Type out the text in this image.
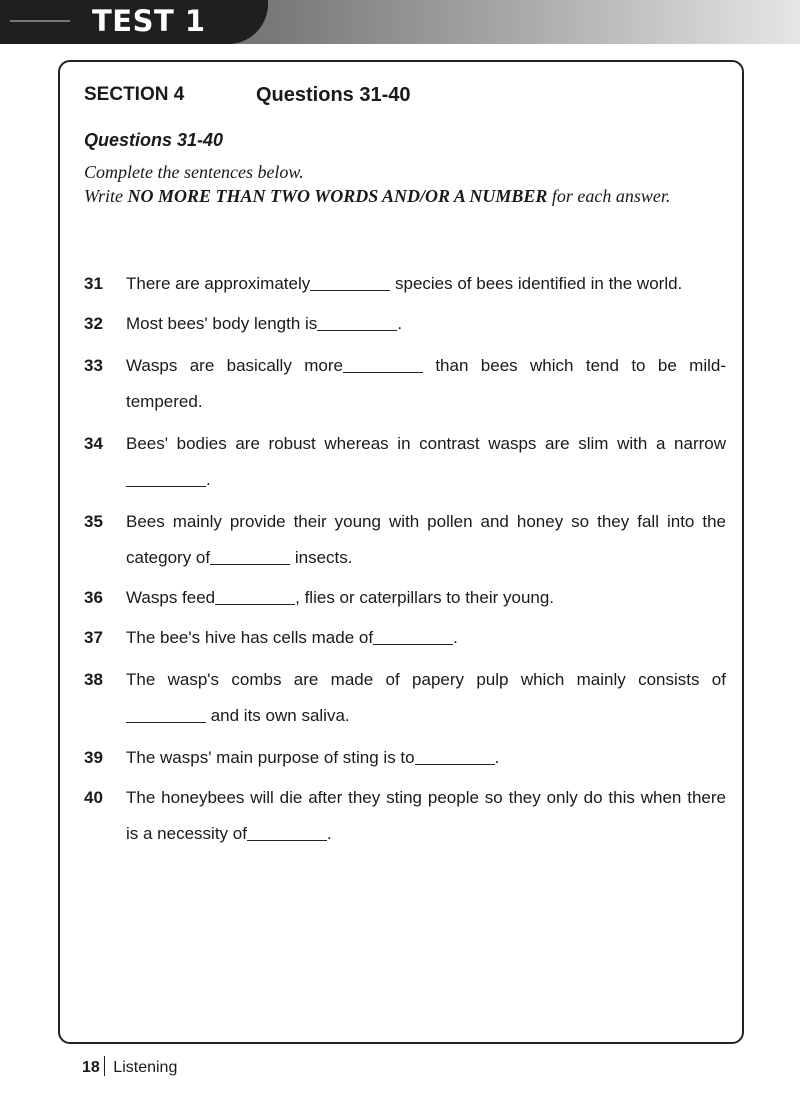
TEST 1
SECTION 4	Questions 31-40
Questions 31-40
Complete the sentences below.
Write NO MORE THAN TWO WORDS AND/OR A NUMBER for each answer.
31	There are approximately	species of bees identified in the world.
32	Most bees' body length is	.
33	Wasps are basically more	than bees which tend to be mild-tempered.
34	Bees' bodies are robust whereas in contrast wasps are slim with a narrow.
35	Bees mainly provide their young with pollen and honey so they fall into the category of	insects.
36	Wasps feed	, flies or caterpillars to their young.
37	The bee's hive has cells made of	.
38	The wasp's combs are made of papery pulp which mainly consists of  and its own saliva.
39	The wasps' main purpose of sting is to	.
40	The honeybees will die after they sting people so they only do this when there is a necessity of	.
18 Listening
